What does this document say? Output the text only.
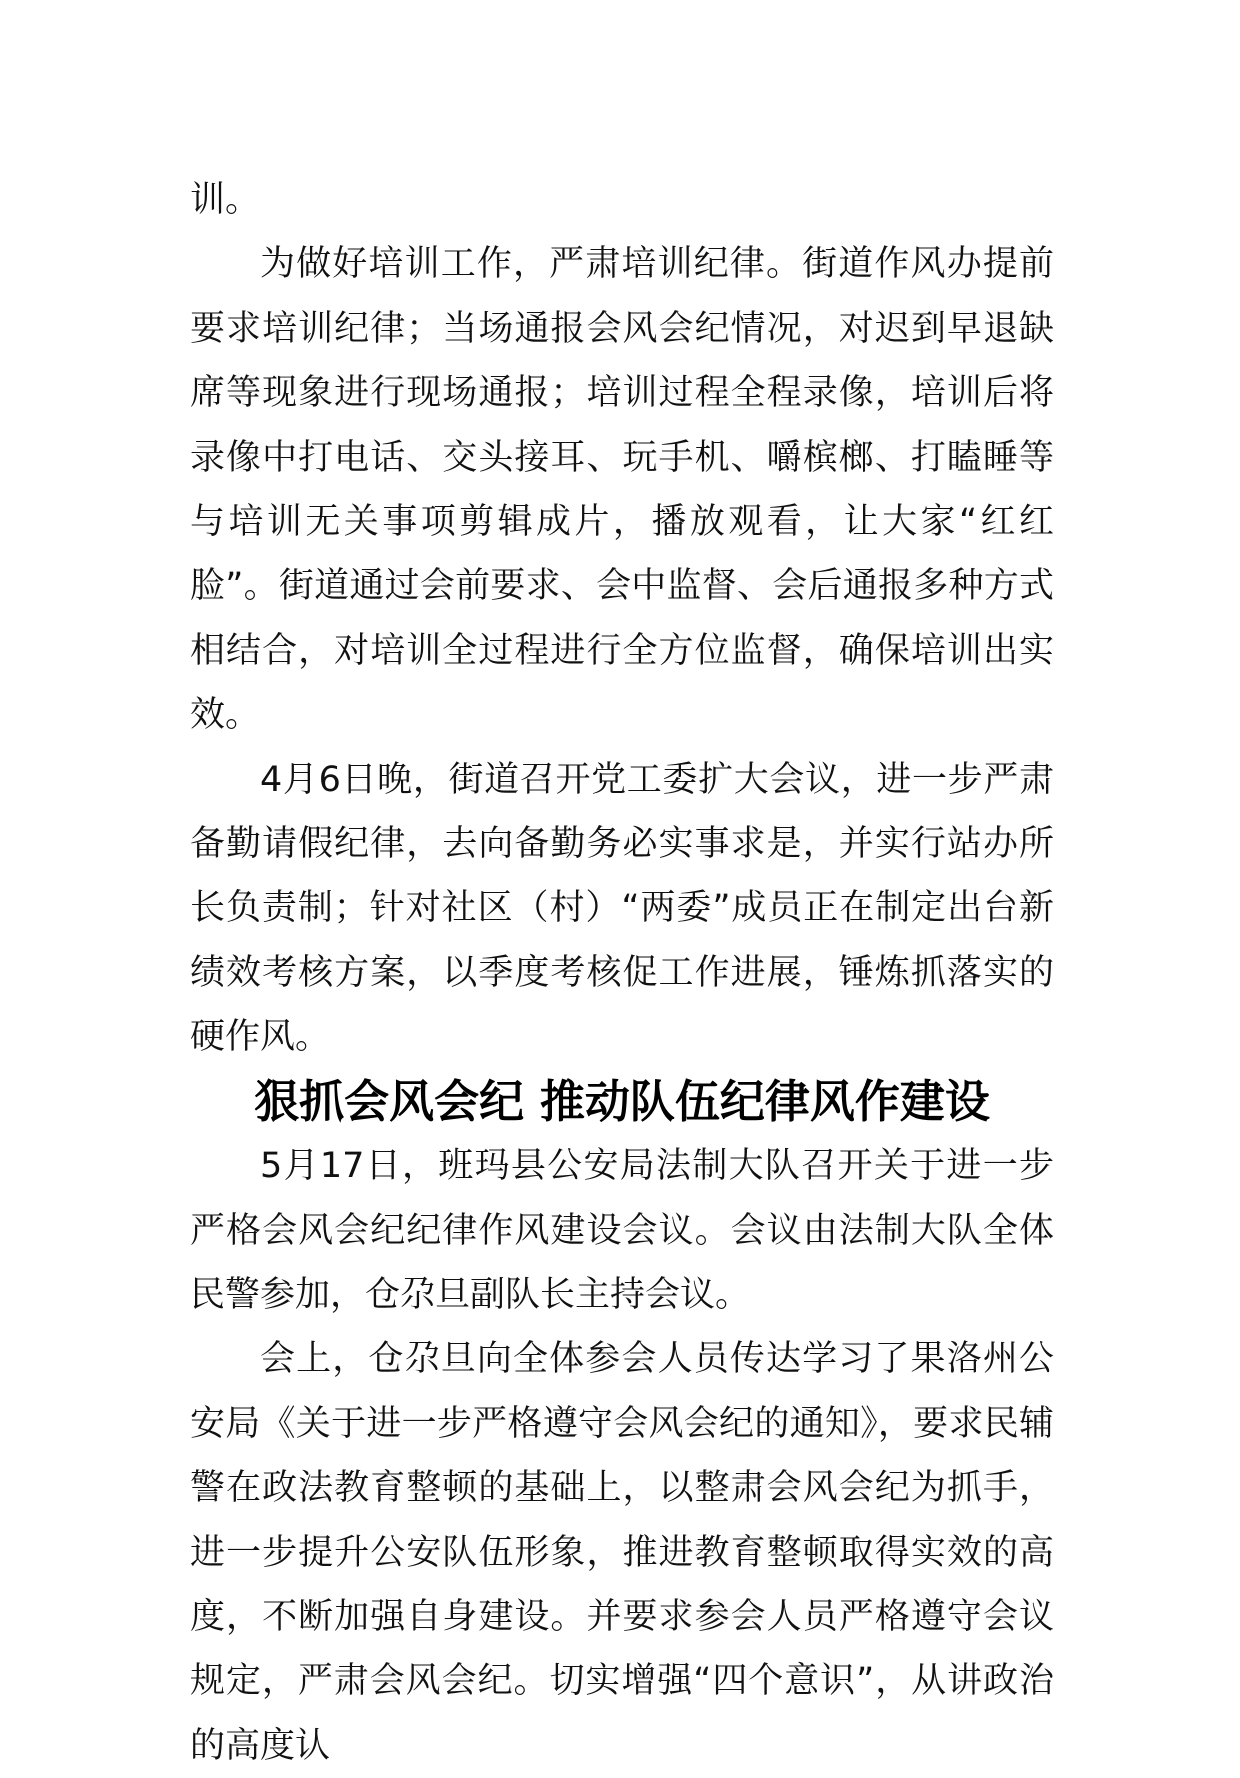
训。

为做好培训工作，严肃培训纪律。街道作风办提前要求培训纪律；当场通报会风会纪情况，对迟到早退缺席等现象进行现场通报；培训过程全程录像，培训后将录像中打电话、交头接耳、玩手机、嚼槟榔、打瞌睡等与培训无关事项剪辑成片，播放观看，让大家“红红脸”。街道通过会前要求、会中监督、会后通报多种方式相结合，对培训全过程进行全方位监督，确保培训出实效。

4月6日晚，街道召开党工委扩大会议，进一步严肃备勤请假纪律，去向备勤务必实事求是，并实行站办所长负责制；针对社区（村）“两委”成员正在制定出台新绩效考核方案，以季度考核促工作进展，锤炼抓落实的硬作风。

狠抓会风会纪 推动队伍纪律风作建设

5月17日，班玛县公安局法制大队召开关于进一步严格会风会纪纪律作风建设会议。会议由法制大队全体民警参加，仓尕旦副队长主持会议。

会上，仓尕旦向全体参会人员传达学习了果洛州公安局《关于进一步严格遵守会风会纪的通知》，要求民辅警在政法教育整顿的基础上，以整肃会风会纪为抓手，进一步提升公安队伍形象，推进教育整顿取得实效的高度，不断加强自身建设。并要求参会人员严格遵守会议规定，严肃会风会纪。切实增强“四个意识”，从讲政治的高度认
